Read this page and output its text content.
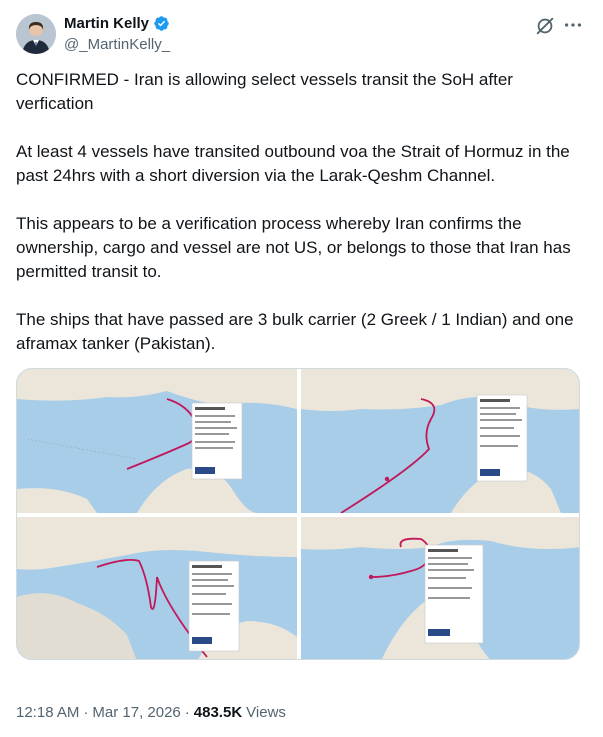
Martin Kelly
@_MartinKelly_

CONFIRMED - Iran is allowing select vessels transit the SoH after verfication

At least 4 vessels have transited outbound voa the Strait of Hormuz in the past 24hrs with a short diversion via the Larak-Qeshm Channel.

This appears to be a verification process whereby Iran confirms the ownership, cargo and vessel are not US, or belongs to those that Iran has permitted transit to.

The ships that have passed are 3 bulk carrier (2 Greek / 1 Indian) and one aframax tanker (Pakistan).

12:18 AM · Mar 17, 2026 · 483.5K Views
